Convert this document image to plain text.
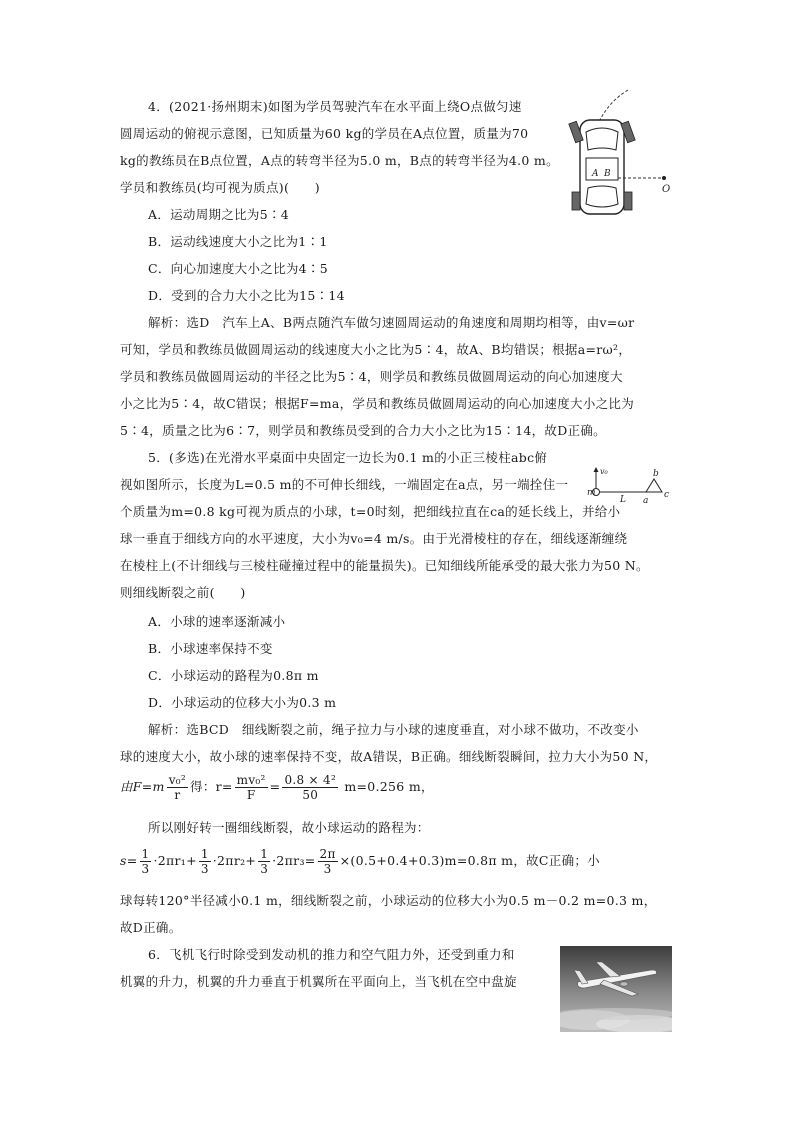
4．(2021·扬州期末)如图为学员驾驶汽车在水平面上绕O点做匀速
圆周运动的俯视示意图，已知质量为60 kg的学员在A点位置，质量为70
kg的教练员在B点位置，A点的转弯半径为5.0 m，B点的转弯半径为4.0 m。
学员和教练员(均可视为质点)(　　)
A．运动周期之比为5∶4
B．运动线速度大小之比为1∶1
C．向心加速度大小之比为4∶5
D．受到的合力大小之比为15∶14
解析：选D　汽车上A、B两点随汽车做匀速圆周运动的角速度和周期均相等，由v=ωr
可知，学员和教练员做圆周运动的线速度大小之比为5∶4，故A、B均错误；根据a=rω²，
学员和教练员做圆周运动的半径之比为5∶4，则学员和教练员做圆周运动的向心加速度大
小之比为5∶4，故C错误；根据F=ma，学员和教练员做圆周运动的向心加速度大小之比为
5∶4，质量之比为6∶7，则学员和教练员受到的合力大小之比为15∶14，故D正确。
A B
O
5．(多选)在光滑水平桌面中央固定一边长为0.1 m的小正三棱柱abc俯
视如图所示，长度为L=0.5 m的不可伸长细线，一端固定在a点，另一端拴住一
个质量为m=0.8 kg可视为质点的小球，t=0时刻，把细线拉直在ca的延长线上，并给小
球一垂直于细线方向的水平速度，大小为v₀=4 m/s。由于光滑棱柱的存在，细线逐渐缠绕
在棱柱上(不计细线与三棱柱碰撞过程中的能量损失)。已知细线所能承受的最大张力为50 N。
则细线断裂之前(　　)
m
v₀
L a
b
c
A．小球的速率逐渐减小
B．小球速率保持不变
C．小球运动的路程为0.8π m
D．小球运动的位移大小为0.3 m
解析：选BCD　细线断裂之前，绳子拉力与小球的速度垂直，对小球不做功，不改变小
球的速度大小，故小球的速率保持不变，故A错误，B正确。细线断裂瞬间，拉力大小为50 N，
由$F=m \frac{\text{v₀²}}{r}$ 得：$r= \frac{\text{mv₀²}}{F} = \frac{\text{0.8 × 4²}}{50} m=0.256$ m，
所以刚好转一圈细线断裂，故小球运动的路程为：
$s= \frac{1}{3} \cdot 2\pi r_1+ \frac{1}{3} \cdot 2\pi r_2+ \frac{1}{3} \cdot 2\pi r_3= \frac{2\pi}{3} \times(0.5+0.4+0.3)m=0.8\pi$ m，故C正确；小
球每转120°半径减小0.1 m，细线断裂之前，小球运动的位移大小为0.5 m－0.2 m=0.3 m，
故D正确。
6．飞机飞行时除受到发动机的推力和空气阻力外，还受到重力和
机翼的升力，机翼的升力垂直于机翼所在平面向上，当飞机在空中盘旋
